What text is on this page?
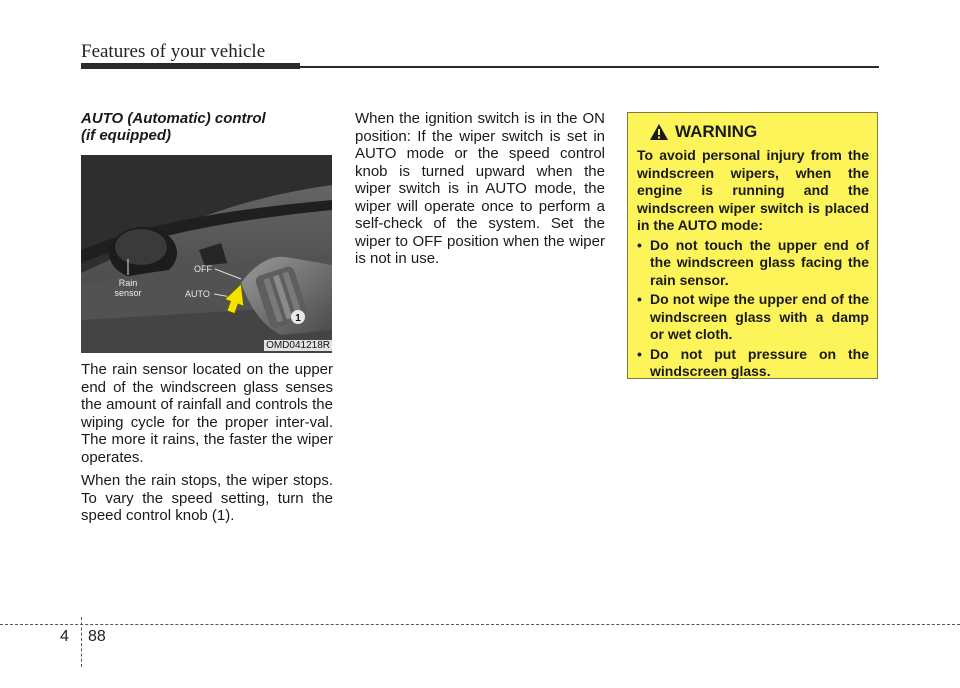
Features of your vehicle
AUTO (Automatic) control
(if equipped)
Rain
sensor
OFF
AUTO
1
OMD041218R

The rain sensor located on the upper end of the windscreen glass senses the amount of rainfall and controls the wiping cycle for the proper inter-val. The more it rains, the faster the wiper operates.

When the rain stops, the wiper stops. To vary the speed setting, turn the speed control knob (1).

When the ignition switch is in the ON position: If the wiper switch is set in AUTO mode or the speed control knob is turned upward when the wiper switch is in AUTO mode, the wiper will operate once to perform a self-check of the system. Set the wiper to OFF position when the wiper is not in use.

WARNING

To avoid personal injury from the windscreen wipers, when the engine is running and the windscreen wiper switch is placed in the AUTO mode:

• Do not touch the upper end of the windscreen glass facing the rain sensor.
• Do not wipe the upper end of the windscreen glass with a damp or wet cloth.
• Do not put pressure on the windscreen glass.
4 88
